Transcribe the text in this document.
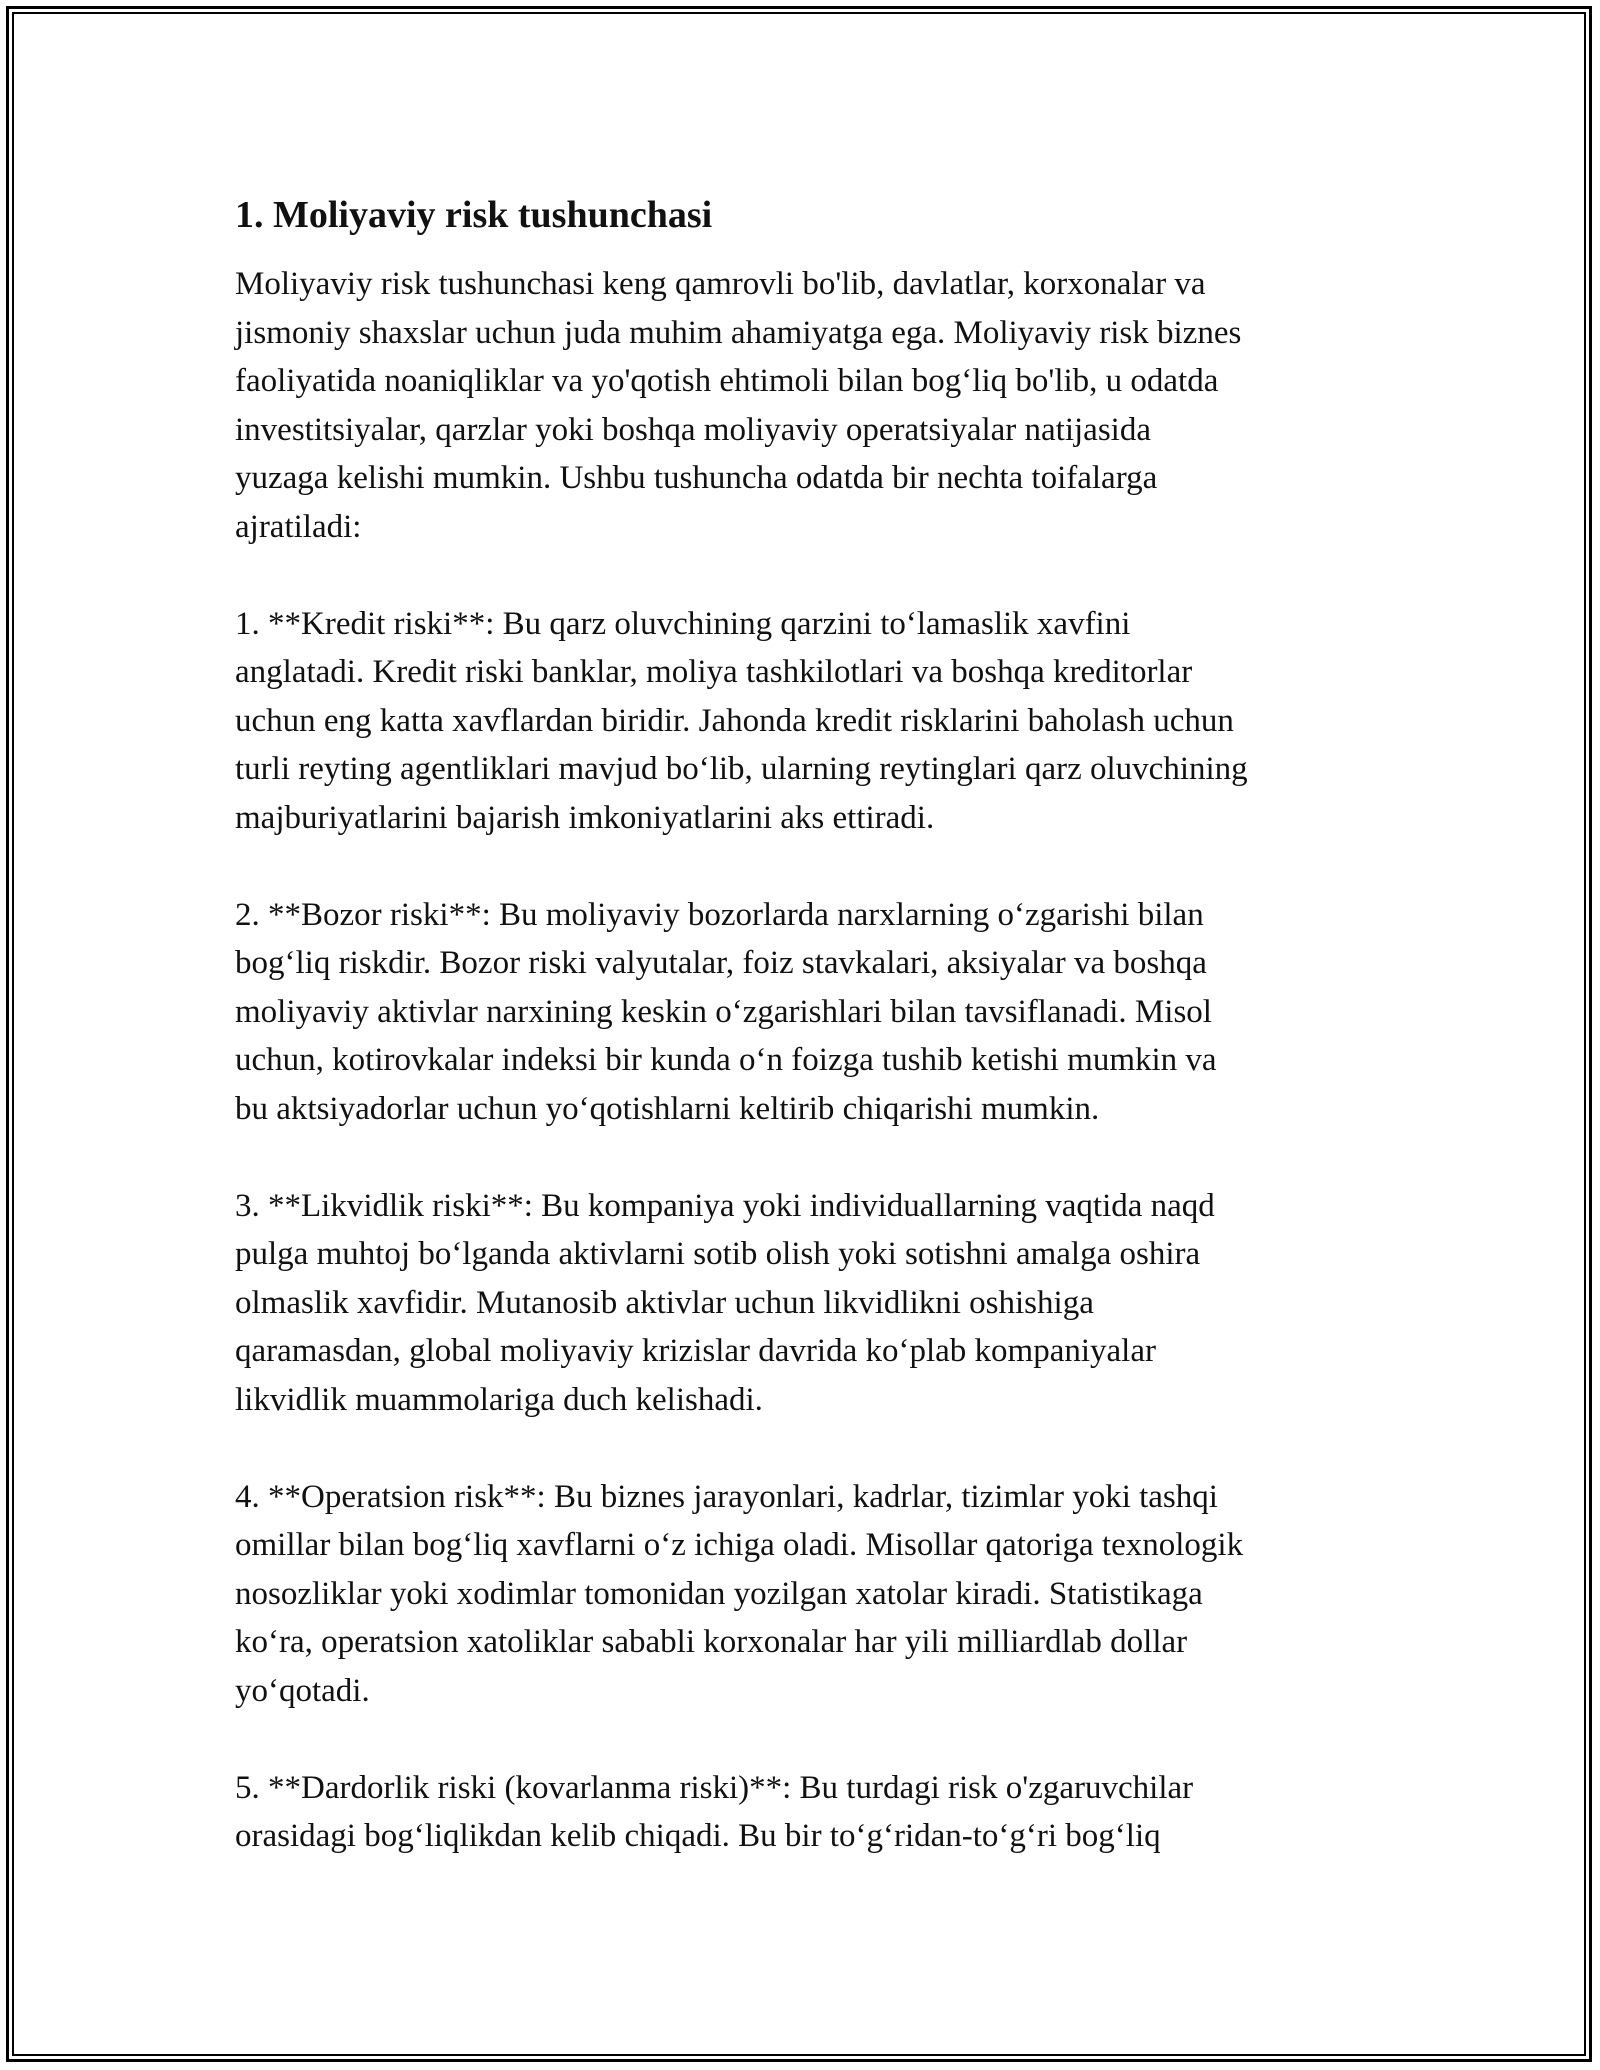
1. Moliyaviy risk tushunchasi

Moliyaviy risk tushunchasi keng qamrovli bo'lib, davlatlar, korxonalar va
jismoniy shaxslar uchun juda muhim ahamiyatga ega. Moliyaviy risk biznes
faoliyatida noaniqliklar va yo'qotish ehtimoli bilan bog‘liq bo'lib, u odatda
investitsiyalar, qarzlar yoki boshqa moliyaviy operatsiyalar natijasida
yuzaga kelishi mumkin. Ushbu tushuncha odatda bir nechta toifalarga
ajratiladi:

1. **Kredit riski**: Bu qarz oluvchining qarzini to‘lamaslik xavfini
anglatadi. Kredit riski banklar, moliya tashkilotlari va boshqa kreditorlar
uchun eng katta xavflardan biridir. Jahonda kredit risklarini baholash uchun
turli reyting agentliklari mavjud bo‘lib, ularning reytinglari qarz oluvchining
majburiyatlarini bajarish imkoniyatlarini aks ettiradi.

2. **Bozor riski**: Bu moliyaviy bozorlarda narxlarning o‘zgarishi bilan
bog‘liq riskdir. Bozor riski valyutalar, foiz stavkalari, aksiyalar va boshqa
moliyaviy aktivlar narxining keskin o‘zgarishlari bilan tavsiflanadi. Misol
uchun, kotirovkalar indeksi bir kunda o‘n foizga tushib ketishi mumkin va
bu aktsiyadorlar uchun yo‘qotishlarni keltirib chiqarishi mumkin.

3. **Likvidlik riski**: Bu kompaniya yoki individuallarning vaqtida naqd
pulga muhtoj bo‘lganda aktivlarni sotib olish yoki sotishni amalga oshira
olmaslik xavfidir. Mutanosib aktivlar uchun likvidlikni oshishiga
qaramasdan, global moliyaviy krizislar davrida ko‘plab kompaniyalar
likvidlik muammolariga duch kelishadi.

4. **Operatsion risk**: Bu biznes jarayonlari, kadrlar, tizimlar yoki tashqi
omillar bilan bog‘liq xavflarni o‘z ichiga oladi. Misollar qatoriga texnologik
nosozliklar yoki xodimlar tomonidan yozilgan xatolar kiradi. Statistikaga
ko‘ra, operatsion xatoliklar sababli korxonalar har yili milliardlab dollar
yo‘qotadi.

5. **Dardorlik riski (kovarlanma riski)**: Bu turdagi risk o'zgaruvchilar
orasidagi bog‘liqlikdan kelib chiqadi. Bu bir to‘g‘ridan-to‘g‘ri bog‘liq
